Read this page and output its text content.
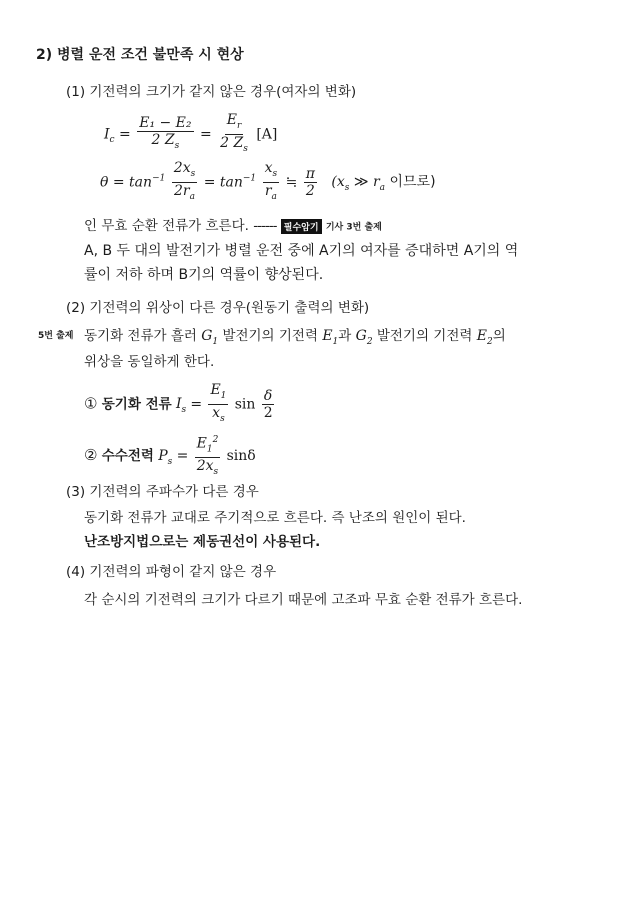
2) 병렬 운전 조건 불만족 시 현상
(1) 기전력의 크기가 같지 않은 경우(여자의 변화)
$I_c = \frac{\text{E₁ − E₂}}{2 Z_s} = \frac{E_r}{2 Z_s} [A]$
$\theta = \tan^{-1} \frac{2x_s}{2r_a} = \tan^{-1} \frac{x_s}{r_a}$ ≒ $\frac{\pi}{2} (x_s$ ≫ $r_a$ 이므로)
인 무효 순환 전류가 흐른다. ------ 필수암기 기사 3번 출제
A, B 두 대의 발전기가 병렬 운전 중에 A기의 여자를 증대하면 A기의 역
률이 저하 하며 B기의 역률이 향상된다.
(2) 기전력의 위상이 다른 경우(원동기 출력의 변화)
5번 출제 동기화 전류가 흘러 $G_1$ 발전기의 기전력 $E_1$과 $G_2$ 발전기의 기전력 $E_2$의
위상을 동일하게 한다.
① 동기화 전류 $I_s = \frac{E_1}{x_s}$ $\sin \frac{\delta}{2}$
② 수수전력 $P_s = \frac{E_1^2}{2x_s}$ sinδ
(3) 기전력의 주파수가 다른 경우
동기화 전류가 교대로 주기적으로 흐른다. 즉 난조의 원인이 된다.
난조방지법으로는 제동권선이 사용된다.
(4) 기전력의 파형이 같지 않은 경우
각 순시의 기전력의 크기가 다르기 때문에 고조파 무효 순환 전류가 흐른다.
